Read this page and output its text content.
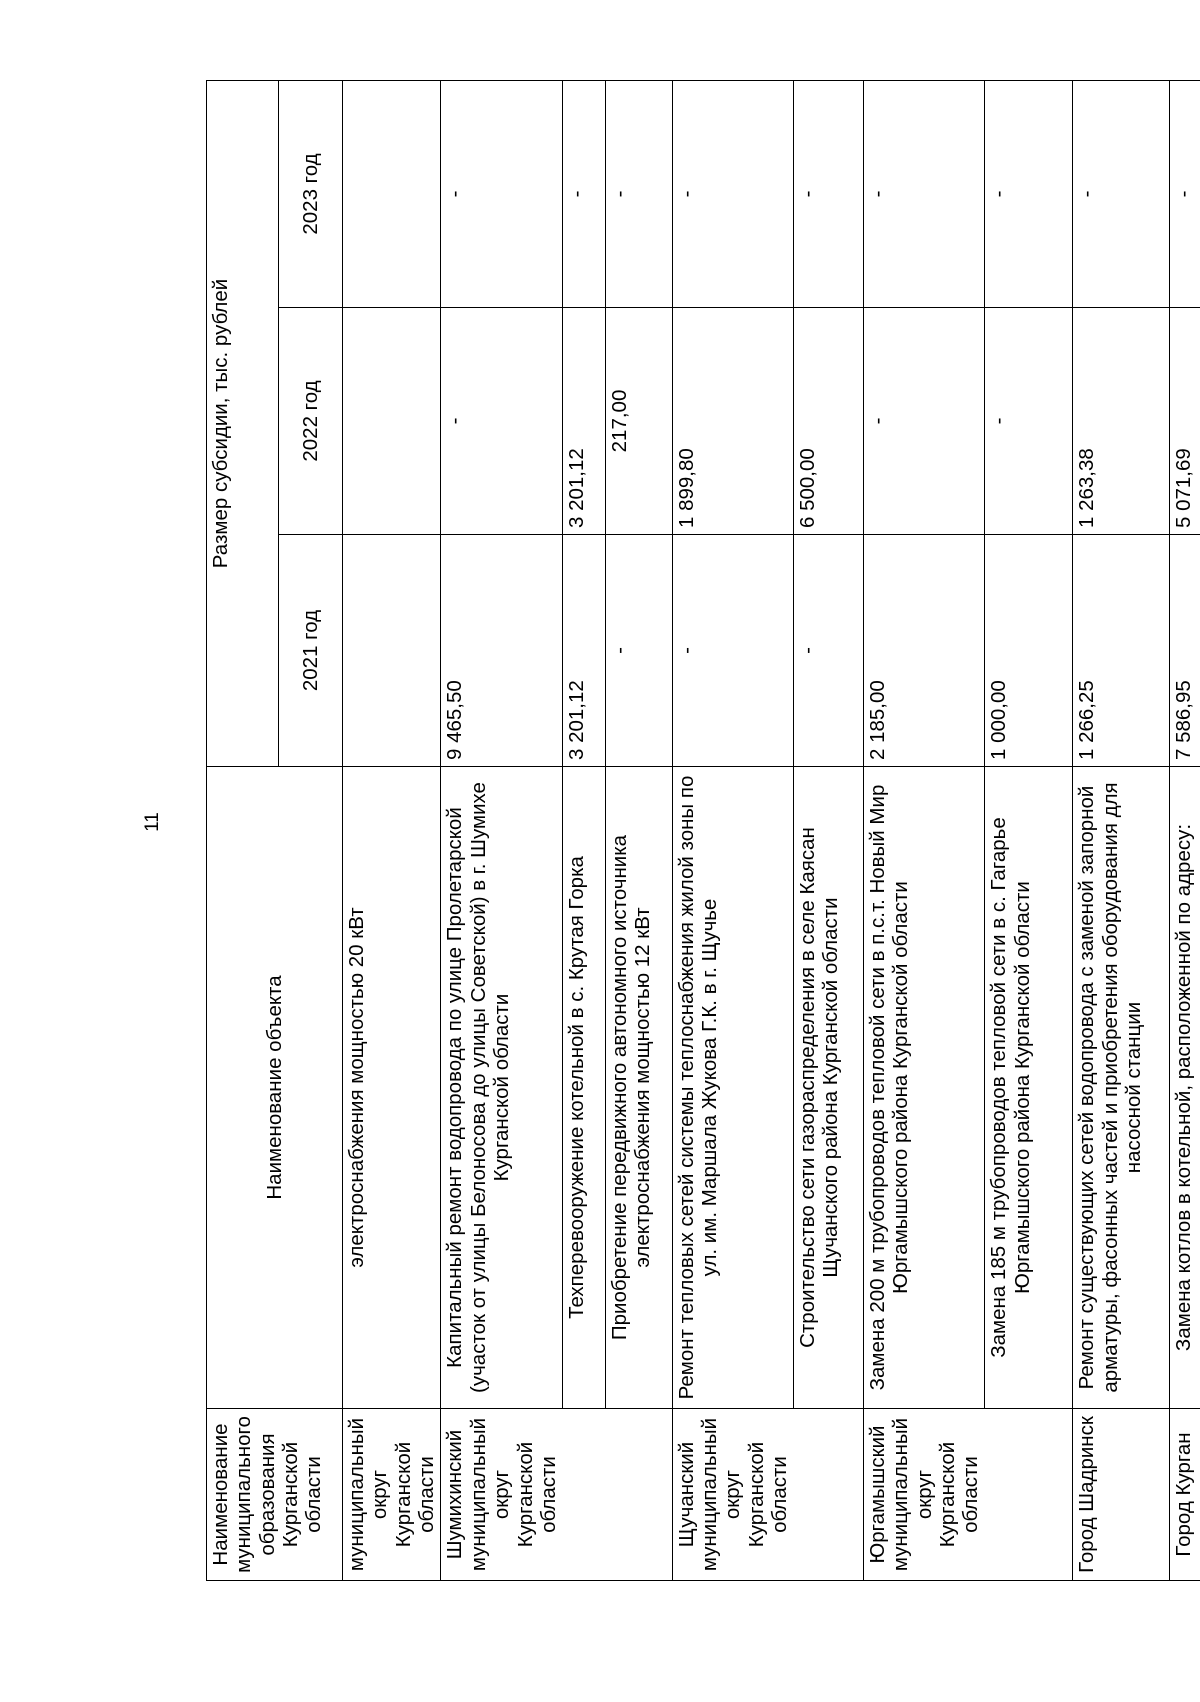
11
Наименование муниципального образования Курганской области	Наименование объекта	Размер субсидии, тыс. рублей		
		2021 год	2022 год	2023 год
муниципальный округ Курганской области	электроснабжения мощностью 20 кВт			
Шумихинский муниципальный округ Курганской области	Капитальный ремонт водопровода по улице Пролетарской (участок от улицы Белоносова до улицы Советской) в г. Шумихе Курганской области	9 465,50	-	-
	Техперевооружение котельной в с. Крутая Горка	3 201,12	3 201,12	-
	Приобретение передвижного автономного источника электроснабжения мощностью 12 кВт	-	217,00	-
Щучанский муниципальный округ Курганской области	Ремонт тепловых сетей системы теплоснабжения жилой зоны по ул. им. Маршала Жукова Г.К. в г. Щучье	-	1 899,80	-
	Строительство сети газораспределения в селе Каясан Щучанского района Курганской области	-	6 500,00	-
Юргамышский муниципальный округ Курганской области	Замена 200 м трубопроводов тепловой сети в п.с.т. Новый Мир Юргамышского района Курганской области	2 185,00	-	-
	Замена 185 м трубопроводов тепловой сети в с. Гагарье Юргамышского района Курганской области	1 000,00	-	-
Город Шадринск	Ремонт существующих сетей водопровода с заменой запорной арматуры, фасонных частей и приобретения оборудования для насосной станции	1 266,25	1 263,38	-
Город Курган	Замена котлов в котельной, расположенной по адресу:	7 586,95	5 071,69	-
